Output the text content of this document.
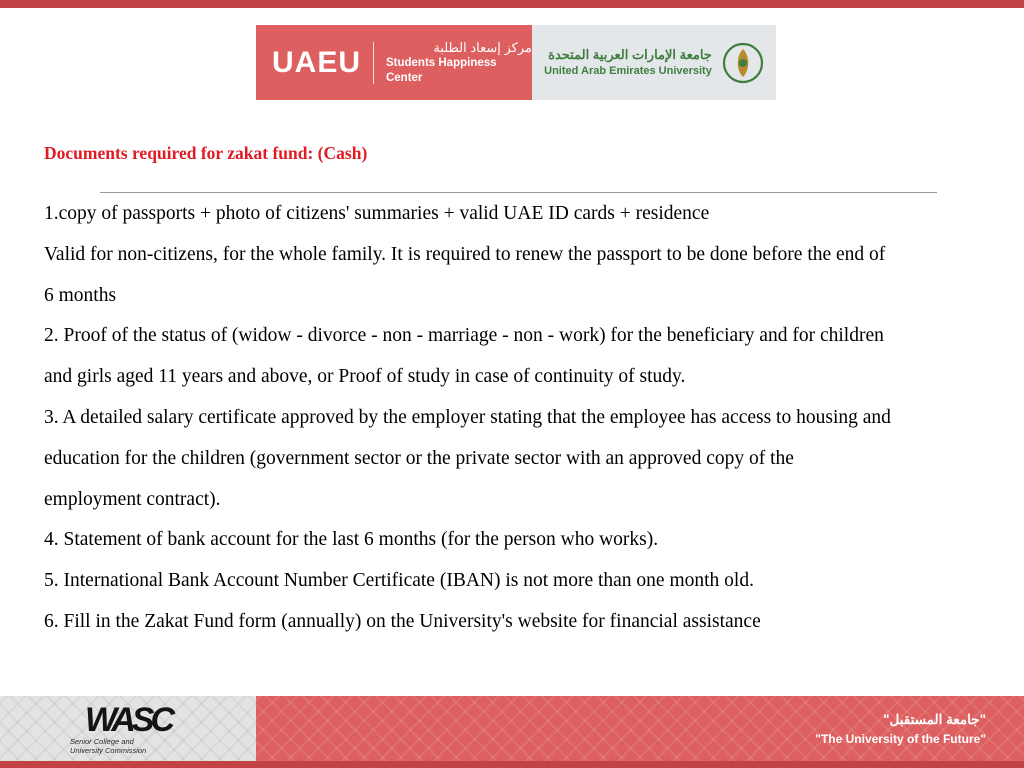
UAEU	مركز إسعاد الطلبة
Students Happiness Center
جامعة الإمارات العربية المتحدة
United Arab Emirates University
Documents required for zakat fund: (Cash)

1.copy of passports + photo of citizens' summaries + valid UAE ID cards + residence

Valid for non-citizens, for the whole family. It is required to renew the passport to be done before the end of

6 months

2. Proof of the status of (widow - divorce - non - marriage - non - work) for the beneficiary and for children

and girls aged 11 years and above, or Proof of study in case of continuity of study.

3. A detailed salary certificate approved by the employer stating that the employee has access to housing and

education for the children (government sector or the private sector with an approved copy of the

employment contract).

4. Statement of bank account for the last 6 months (for the person who works).

5. International Bank Account Number Certificate (IBAN) is not more than one month old.

6. Fill in the Zakat Fund form (annually) on the University's website for financial assistance

WASC
Senior College and
University Commission
"جامعة المستقبل"
"The University of the Future"
